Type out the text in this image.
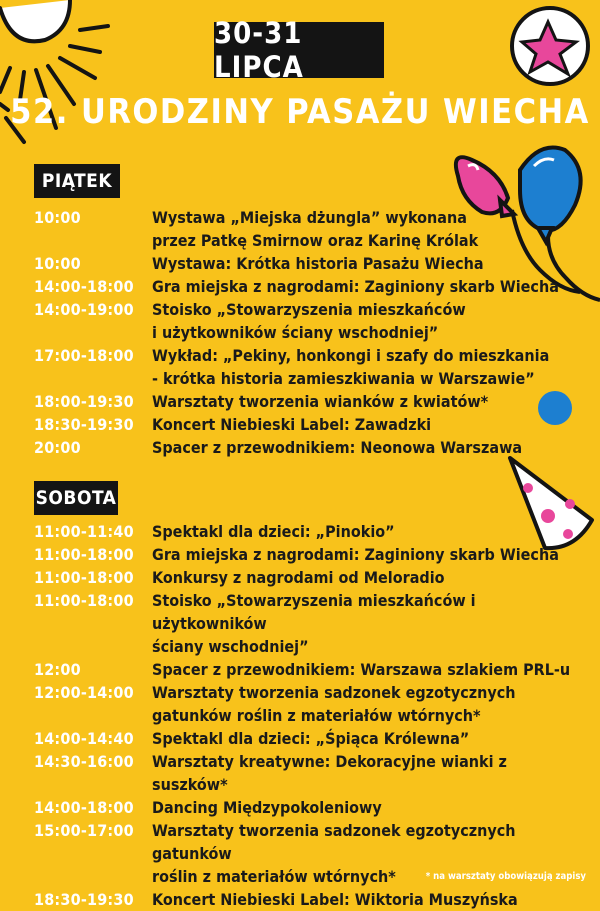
30-31 LIPCA
52. URODZINY PASAŻU WIECHA
PIĄTEK
10:00	Wystawa „Miejska dżungla” wykonana
przez Patkę Smirnow oraz Karinę Królak
10:00	Wystawa: Krótka historia Pasażu Wiecha
14:00-18:00	Gra miejska z nagrodami: Zaginiony skarb Wiecha
14:00-19:00	Stoisko „Stowarzyszenia mieszkańców
i użytkowników ściany wschodniej”
17:00-18:00	Wykład: „Pekiny, honkongi i szafy do mieszkania
- krótka historia zamieszkiwania w Warszawie”
18:00-19:30	Warsztaty tworzenia wianków z kwiatów*
18:30-19:30	Koncert Niebieski Label: Zawadzki
20:00	Spacer z przewodnikiem: Neonowa Warszawa
SOBOTA
11:00-11:40	Spektakl dla dzieci: „Pinokio”
11:00-18:00	Gra miejska z nagrodami: Zaginiony skarb Wiecha
11:00-18:00	Konkursy z nagrodami od Meloradio
11:00-18:00	Stoisko „Stowarzyszenia mieszkańców i użytkowników
ściany wschodniej”
12:00	Spacer z przewodnikiem: Warszawa szlakiem PRL-u
12:00-14:00	Warsztaty tworzenia sadzonek egzotycznych
gatunków roślin z materiałów wtórnych*
14:00-14:40	Spektakl dla dzieci: „Śpiąca Królewna”
14:30-16:00	Warsztaty kreatywne: Dekoracyjne wianki z suszków*
14:00-18:00	Dancing Międzypokoleniowy
15:00-17:00	Warsztaty tworzenia sadzonek egzotycznych gatunków
roślin z materiałów wtórnych*
18:30-19:30	Koncert Niebieski Label: Wiktoria Muszyńska
* na warsztaty obowiązują zapisy
